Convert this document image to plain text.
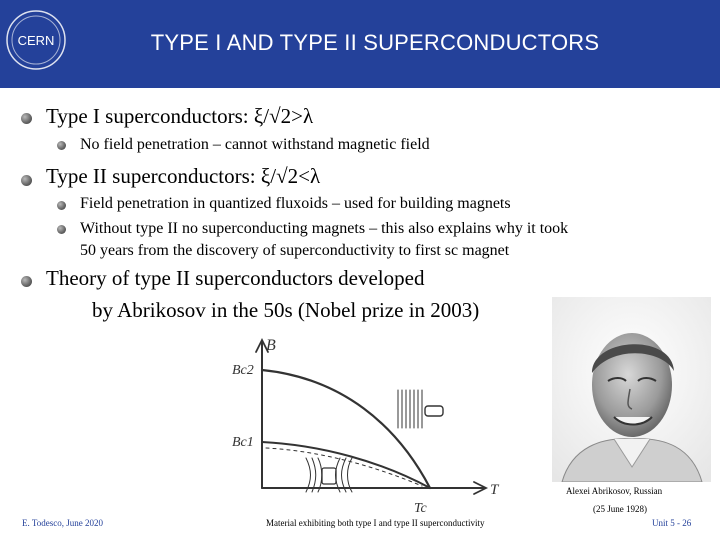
CERN	TYPE I AND TYPE II SUPERCONDUCTORS
Type I superconductors: ξ/√2>λ
No field penetration – cannot withstand magnetic field
Type II superconductors: ξ/√2<λ
Field penetration in quantized fluxoids – used for building magnets
Without type II no superconducting magnets – this also explains why it took
50 years from the discovery of superconductivity to first sc magnet
Theory of type II superconductors developed
by Abrikosov in the 50s (Nobel prize in 2003)
B
Bc2
Bc1
Tc
T	Alexei Abrikosov, Russian
(25 June 1928)
E. Todesco, June 2020	Material exhibiting both type I and type II superconductivity	Unit 5 - 26
